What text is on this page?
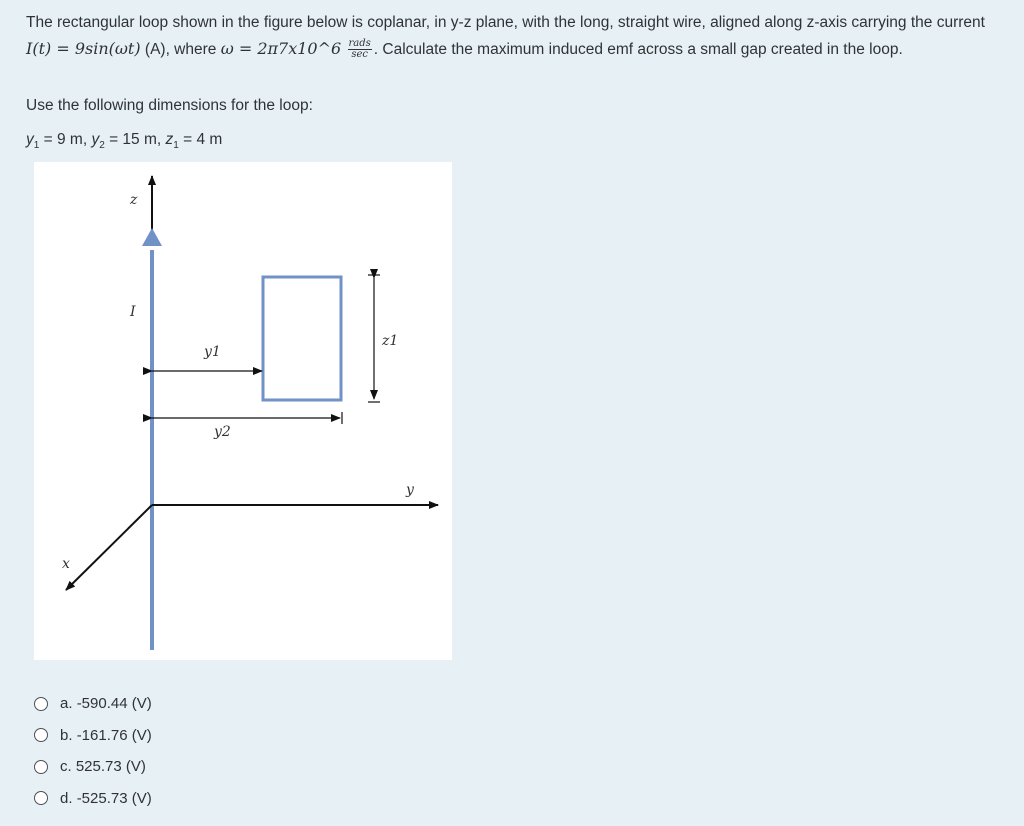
The rectangular loop shown in the figure below is coplanar, in y-z plane, with the long, straight wire, aligned along z-axis carrying the current I(t) = 9sin(ωt) (A), where ω = 2π7x10^6 $\frac{\text{rads}}{\sec}$ . Calculate the maximum induced emf across a small gap created in the loop.
Use the following dimensions for the loop:
$y_1 = 9$ m, $y_2 = 15$ m, $z_1 = 4$ m
z
I
y1
y2
z1
y
x
a.
-590.44 (V)
b.
-161.76 (V)
c.
525.73 (V)
d.
-525.73 (V)
